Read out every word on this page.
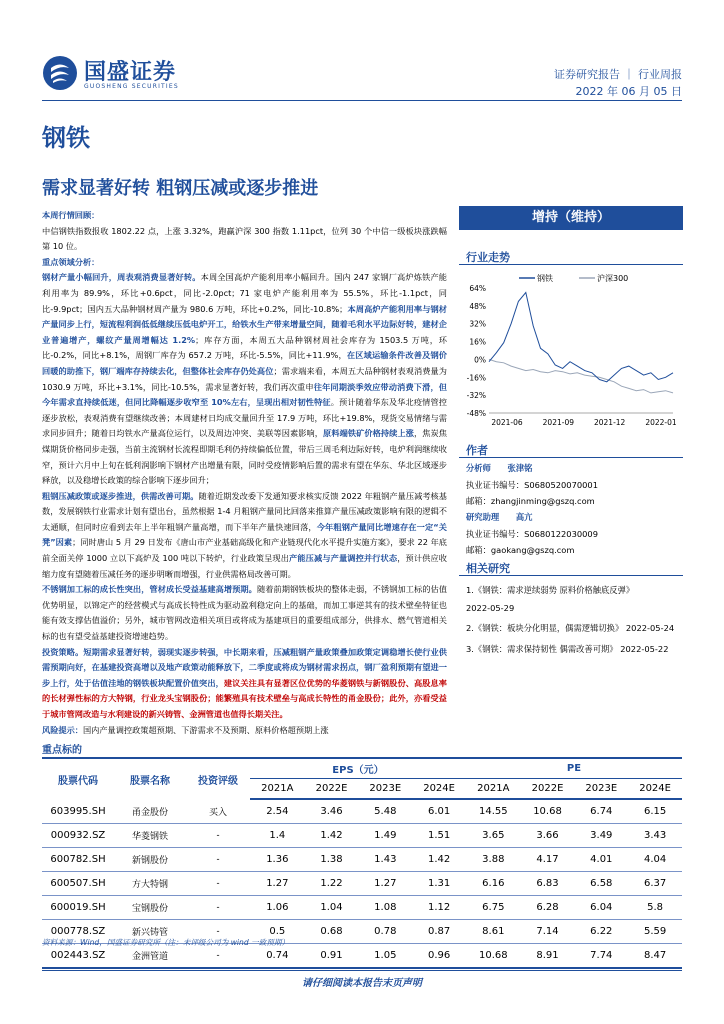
国盛证券
GUOSHENG SECURITIES
证券研究报告 ｜ 行业周报
2022 年 06 月 05 日
钢铁
需求显著好转 粗钢压减或逐步推进

本周行情回顾：

中信钢铁指数报收 1802.22 点，上涨 3.32%，跑赢沪深 300 指数 1.11pct，位列 30 个中信一级板块涨跌幅第 10 位。

重点领域分析：

钢材产量小幅回升，周表观消费显著好转。本周全国高炉产能利用率小幅回升。国内 247 家钢厂高炉炼铁产能利用率为 89.9%，环比+0.6pct，同比-2.0pct；71 家电炉产能利用率为 55.5%，环比-1.1pct，同比-9.9pct；国内五大品种钢材周产量为 980.6 万吨，环比+0.2%，同比-10.8%；本周高炉产能利用率与钢材产量同步上行，短流程利润低低继续压低电炉开工，给铁水生产带来增量空间，随着毛利水平边际好转，建材企业普遍增产，螺纹产量周增幅达 1.2%；库存方面，本周五大品种钢材周社会库存为 1503.5 万吨，环比-0.2%，同比+8.1%，周钢厂库存为 657.2 万吨，环比-5.5%，同比+11.9%，在区域运输条件改善及钢价回暖的助推下，钢厂端库存持续去化，但整体社会库存仍处高位；需求端来看，本周五大品种钢材表观消费量为 1030.9 万吨，环比+3.1%，同比-10.5%，需求显著好转，我们再次重申往年同期淡季效应带动消费下滑，但今年需求直持续低迷，但同比降幅逐步收窄至 10%左右，呈现出相对韧性特征。预计随着华东及华北疫情管控逐步放松，表观消费有望继续改善；本周建材日均成交量回升至 17.9 万吨，环比+19.8%，现货交易情绪与需求同步回升；随着日均铁水产量高位运行，以及周边冲突、美联等因素影响，原料端铁矿价格持续上涨，焦炭焦煤期货价格同步走强，当前主流钢材长流程即期毛利仍持续偏低位置，带后三周毛利边际好转，电炉利润继续收窄，预计六月中上旬在低利润影响下钢材产出增量有限，同时受疫情影响后置的需求有望在华东、华北区域逐步释放，以及稳增长政策的综合影响下逐步回升；

粗钢压减政策或逐步推进，供需改善可期。随着近期发改委下发通知要求核实反馈 2022 年粗钢产量压减考核基数，发展钢铁行业需求计划有望出台，虽然根据 1-4 月粗钢产量同比回落来推算产量压减政策影响有限的逻辑不太通顺，但同时应看到去年上半年粗钢产量高增，而下半年产量快速回落，今年粗钢产量同比增速存在一定“关凳”因素；同时唐山 5 月 29 日发布《唐山市产业基础高级化和产业链现代化水平提升实施方案》，要求 22 年底前全面关停 1000 立以下高炉及 100 吨以下转炉，行业政策呈现出产能压减与产量调控并行状态，预计供应收缩力度有望随着压减任务的逐步明晰而增强，行业供需格局改善可期。

不锈钢加工标的成长性突出，管材成长受益基建高增预期。随着前期钢铁板块的整体走弱，不锈钢加工标的估值优势明显，以锦定产的经营模式与高成长特性成为驱动盈利稳定向上的基础，而加工事逆其有的技术壁垒特征也能有效支撑估值溢价；另外，城市管网改造相关项目或将成为基建项目的重要组成部分，供排水、燃气管道相关标的也有望受益基建投资增速趋势。

投资策略。短期需求显著好转，弱现实逐步转强，中长期来看，压减粗钢产量政策叠加政策定调稳增长使行业供需预期向好，在基建投资高增以及地产政策动能释放下，二季度或将成为钢材需求拐点，钢厂盈利预期有望进一步上行，处于估值洼地的钢铁板块配置价值突出，建议关注具有显著区位优势的华菱钢铁与新钢股份、高股息率的长材弹性标的方大特钢，行业龙头宝钢股份；能繁殖具有技术壁垒与高成长特性的甬金股份；此外，亦看受益于城市管网改造与水利建设的新兴铸管、金洲管道也值得长期关注。

风险提示：国内产量调控政策超预期、下游需求不及预期、原料价格超预期上涨

增持（维持）
行业走势
钢铁	沪深300
64%
48%
32%
16%
0%
-16%
-32%
-48%
2021-06	2021-09	2021-12	2022-01
作者
分析师 张津铭
执业证书编号：S0680520070001
邮箱：zhangjinming@gszq.com
研究助理 高亢
执业证书编号：S0680122030009
邮箱：gaokang@gszq.com
相关研究
1.《钢铁：需求逆续弱势 原料价格触底反弹》
2022-05-29
2.《钢铁：板块分化明显，偶需逻辑切换》 2022-05-24
3.《钢铁：需求保持韧性 偶需改善可期》 2022-05-22
重点标的
股票代码	股票名称	投资评级	EPS（元）				PE			
			2021A	2022E	2023E	2024E	2021A	2022E	2023E	2024E
603995.SH	甬金股份	买入	2.54	3.46	5.48	6.01	14.55	10.68	6.74	6.15
000932.SZ	华菱钢铁	-	1.4	1.42	1.49	1.51	3.65	3.66	3.49	3.43
600782.SH	新钢股份	-	1.36	1.38	1.43	1.42	3.88	4.17	4.01	4.04
600507.SH	方大特钢	-	1.27	1.22	1.27	1.31	6.16	6.83	6.58	6.37
600019.SH	宝钢股份	-	1.06	1.04	1.08	1.12	6.75	6.28	6.04	5.8
000778.SZ	新兴铸管	-	0.5	0.68	0.78	0.87	8.61	7.14	6.22	5.59
002443.SZ	金洲管道	-	0.74	0.91	1.05	0.96	10.68	8.91	7.74	8.47
资料来源：Wind，国盛证券研究所（注：未评级公司为 wind 一致预期）
请仔细阅读本报告末页声明
